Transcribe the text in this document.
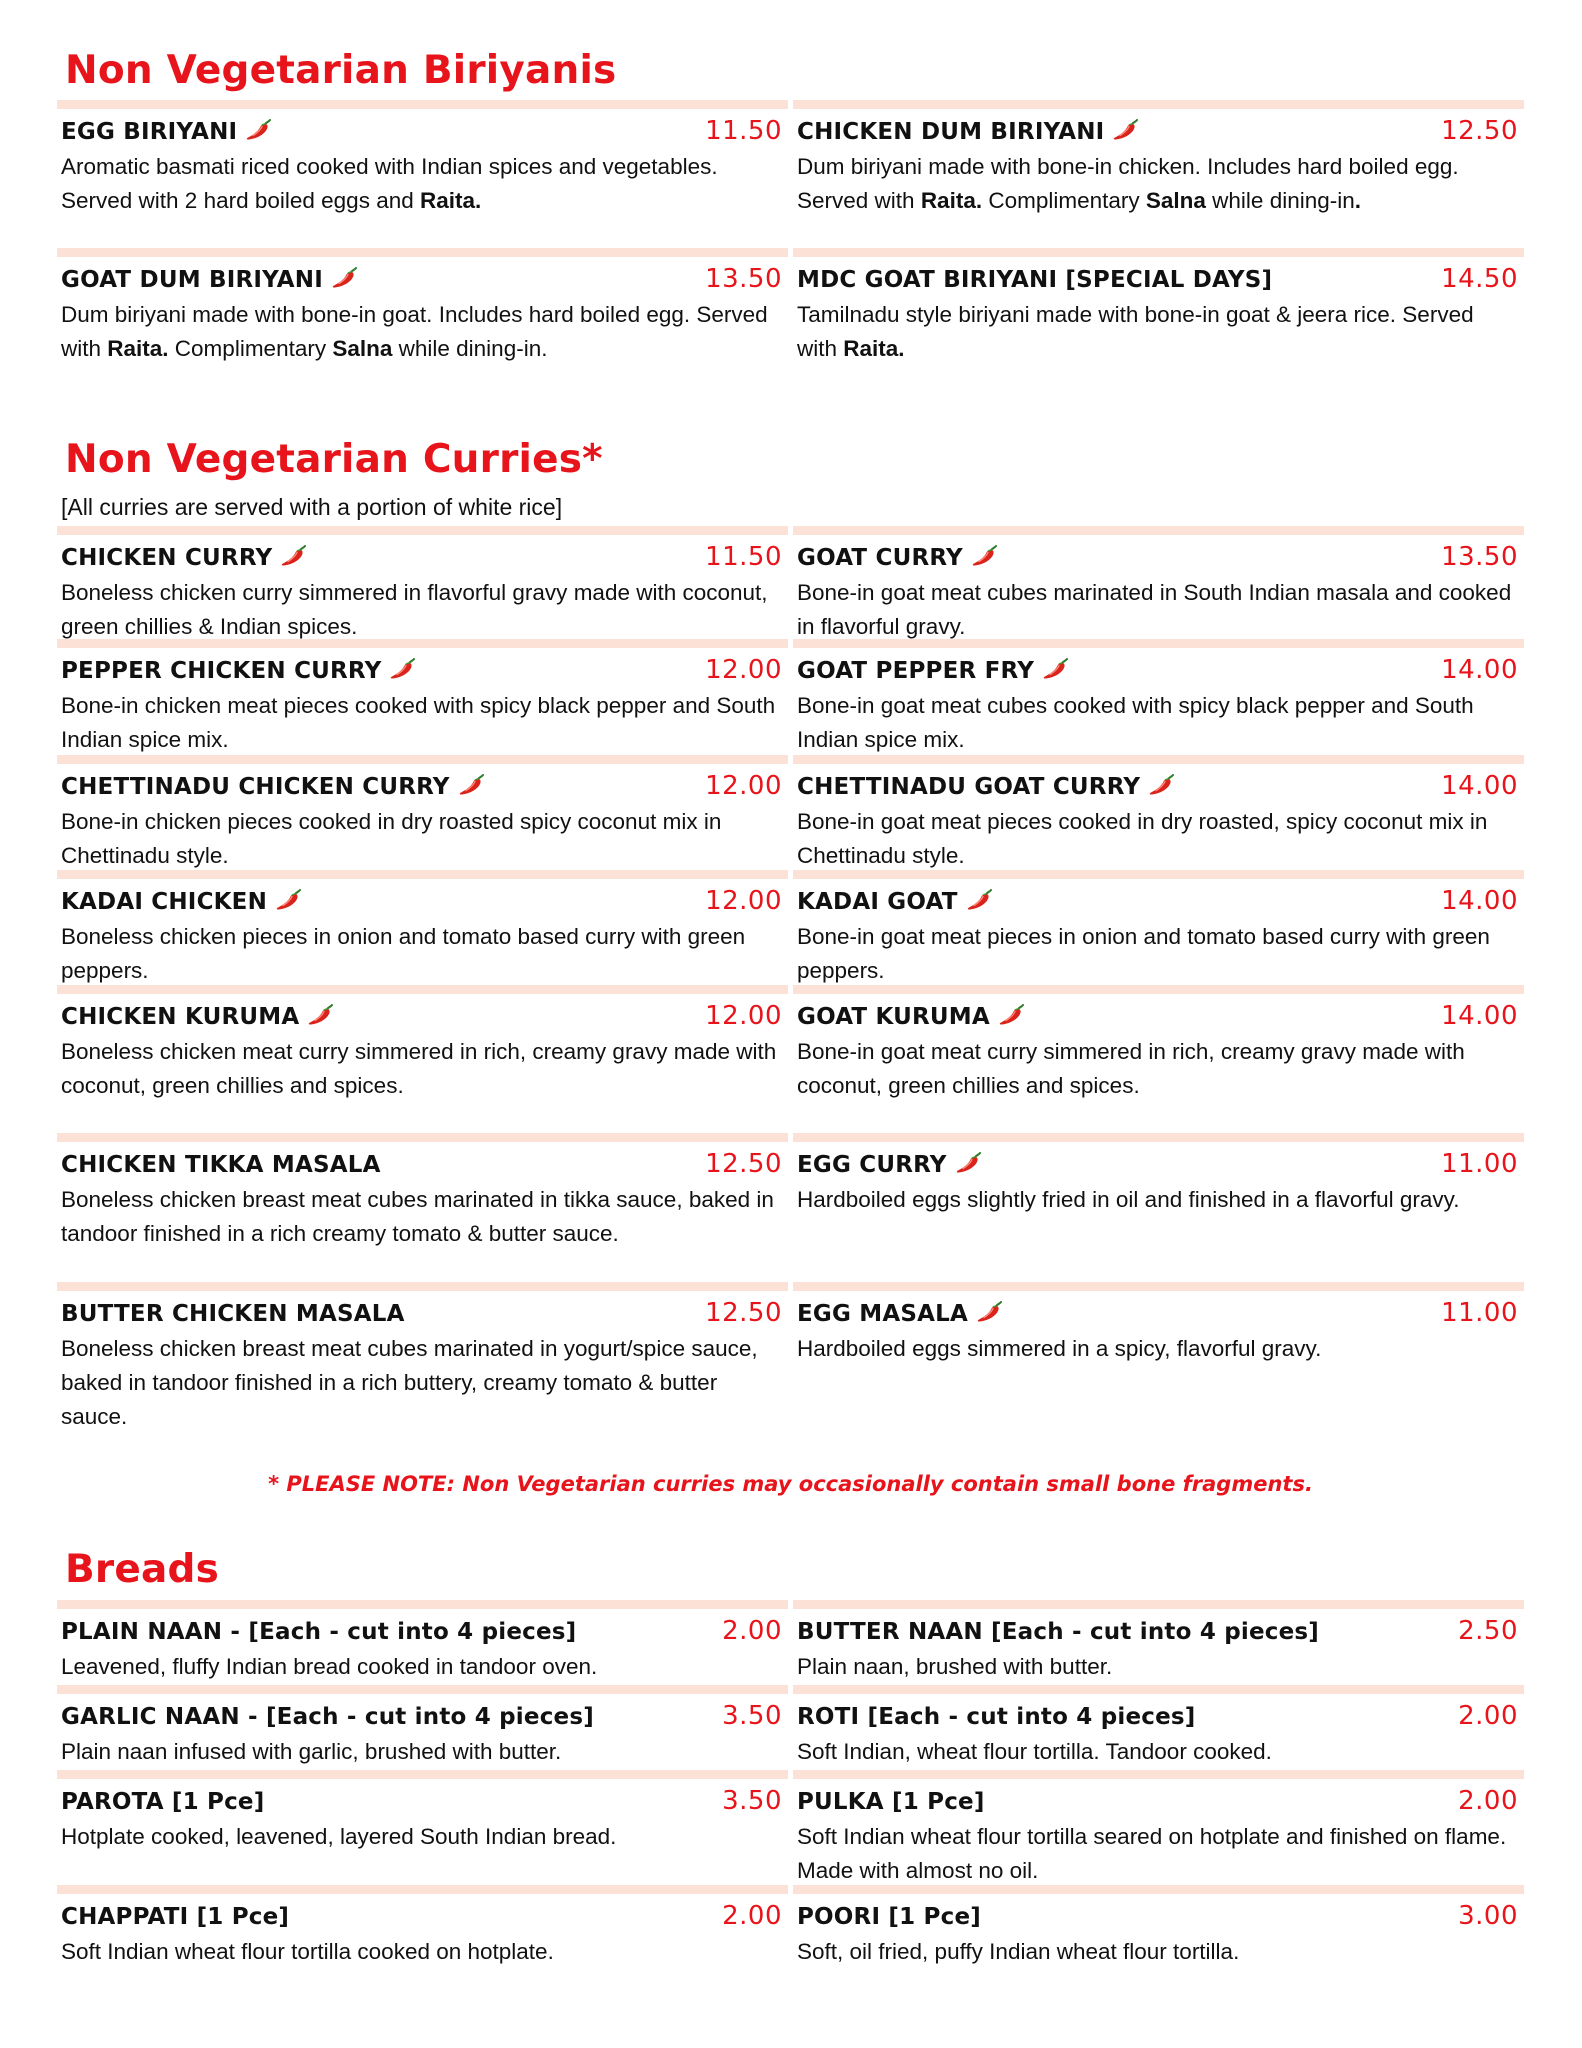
Non Vegetarian Biriyanis
EGG BIRIYANI	11.50
Aromatic basmati riced cooked with Indian spices and vegetables. Served with 2 hard boiled eggs and Raita.
CHICKEN DUM BIRIYANI	12.50
Dum biriyani made with bone-in chicken. Includes hard boiled egg. Served with Raita. Complimentary Salna while dining-in.
GOAT DUM BIRIYANI	13.50
Dum biriyani made with bone-in goat. Includes hard boiled egg. Served with Raita. Complimentary Salna while dining-in.
MDC GOAT BIRIYANI [SPECIAL DAYS]	14.50
Tamilnadu style biriyani made with bone-in goat & jeera rice. Served with Raita.
Non Vegetarian Curries*
[All curries are served with a portion of white rice]
CHICKEN CURRY	11.50
Boneless chicken curry simmered in flavorful gravy made with coconut, green chillies & Indian spices.
GOAT CURRY	13.50
Bone-in goat meat cubes marinated in South Indian masala and cooked in flavorful gravy.
PEPPER CHICKEN CURRY	12.00
Bone-in chicken meat pieces cooked with spicy black pepper and South Indian spice mix.
GOAT PEPPER FRY	14.00
Bone-in goat meat cubes cooked with spicy black pepper and South Indian spice mix.
CHETTINADU CHICKEN CURRY	12.00
Bone-in chicken pieces cooked in dry roasted spicy coconut mix in Chettinadu style.
CHETTINADU GOAT CURRY	14.00
Bone-in goat meat pieces cooked in dry roasted, spicy coconut mix in Chettinadu style.
KADAI CHICKEN	12.00
Boneless chicken pieces in onion and tomato based curry with green peppers.
KADAI GOAT	14.00
Bone-in goat meat pieces in onion and tomato based curry with green peppers.
CHICKEN KURUMA	12.00
Boneless chicken meat curry simmered in rich, creamy gravy made with coconut, green chillies and spices.
GOAT KURUMA	14.00
Bone-in goat meat curry simmered in rich, creamy gravy made with coconut, green chillies and spices.
CHICKEN TIKKA MASALA	12.50
Boneless chicken breast meat cubes marinated in tikka sauce, baked in tandoor finished in a rich creamy tomato & butter sauce.
EGG CURRY	11.00
Hardboiled eggs slightly fried in oil and finished in a flavorful gravy.
BUTTER CHICKEN MASALA	12.50
Boneless chicken breast meat cubes marinated in yogurt/spice sauce, baked in tandoor finished in a rich buttery, creamy tomato & butter sauce.
EGG MASALA	11.00
Hardboiled eggs simmered in a spicy, flavorful gravy.
* PLEASE NOTE: Non Vegetarian curries may occasionally contain small bone fragments.
Breads
PLAIN NAAN - [Each - cut into 4 pieces]	2.00
Leavened, fluffy Indian bread cooked in tandoor oven.
BUTTER NAAN [Each - cut into 4 pieces]	2.50
Plain naan, brushed with butter.
GARLIC NAAN - [Each - cut into 4 pieces]	3.50
Plain naan infused with garlic, brushed with butter.
ROTI [Each - cut into 4 pieces]	2.00
Soft Indian, wheat flour tortilla. Tandoor cooked.
PAROTA [1 Pce]	3.50
Hotplate cooked, leavened, layered South Indian bread.
PULKA [1 Pce]	2.00
Soft Indian wheat flour tortilla seared on hotplate and finished on flame. Made with almost no oil.
CHAPPATI [1 Pce]	2.00
Soft Indian wheat flour tortilla cooked on hotplate.
POORI [1 Pce]	3.00
Soft, oil fried, puffy Indian wheat flour tortilla.
